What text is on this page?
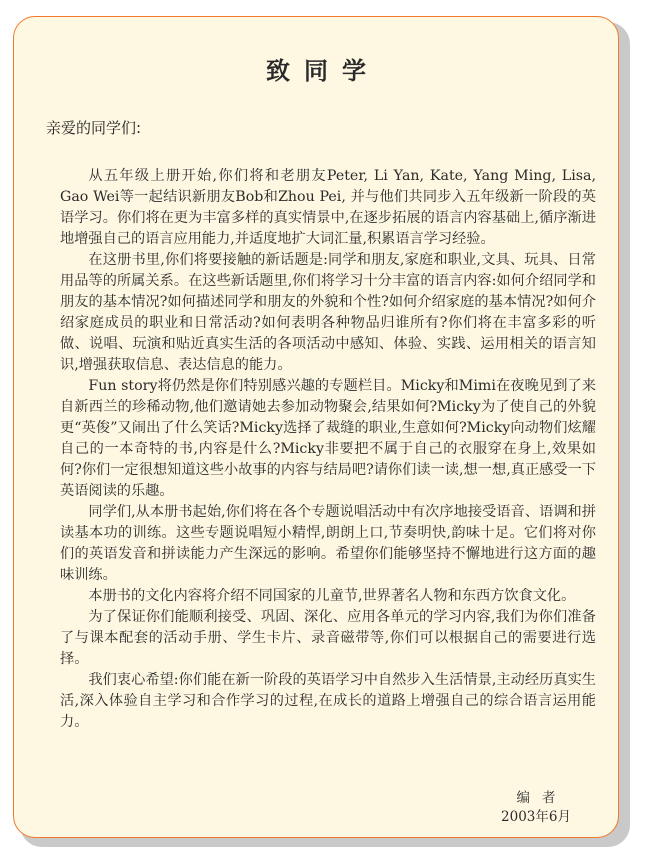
致同学
亲爱的同学们:

从五年级上册开始,你们将和老朋友Peter, Li Yan, Kate, Yang Ming, Lisa, Gao Wei等一起结识新朋友Bob和Zhou Pei, 并与他们共同步入五年级新一阶段的英语学习。你们将在更为丰富多样的真实情景中,在逐步拓展的语言内容基础上,循序渐进地增强自己的语言应用能力,并适度地扩大词汇量,积累语言学习经验。

在这册书里,你们将要接触的新话题是:同学和朋友,家庭和职业,文具、玩具、日常用品等的所属关系。在这些新话题里,你们将学习十分丰富的语言内容:如何介绍同学和朋友的基本情况?如何描述同学和朋友的外貌和个性?如何介绍家庭的基本情况?如何介绍家庭成员的职业和日常活动?如何表明各种物品归谁所有?你们将在丰富多彩的听做、说唱、玩演和贴近真实生活的各项活动中感知、体验、实践、运用相关的语言知识,增强获取信息、表达信息的能力。

Fun story将仍然是你们特别感兴趣的专题栏目。Micky和Mimi在夜晚见到了来自新西兰的珍稀动物,他们邀请她去参加动物聚会,结果如何?Micky为了使自己的外貌更“英俊”又闹出了什么笑话?Micky选择了裁缝的职业,生意如何?Micky向动物们炫耀自己的一本奇特的书,内容是什么?Micky非要把不属于自己的衣服穿在身上,效果如何?你们一定很想知道这些小故事的内容与结局吧?请你们读一读,想一想,真正感受一下英语阅读的乐趣。

同学们,从本册书起始,你们将在各个专题说唱活动中有次序地接受语音、语调和拼读基本功的训练。这些专题说唱短小精悍,朗朗上口,节奏明快,韵味十足。它们将对你们的英语发音和拼读能力产生深远的影响。希望你们能够坚持不懈地进行这方面的趣味训练。

本册书的文化内容将介绍不同国家的儿童节,世界著名人物和东西方饮食文化。

为了保证你们能顺利接受、巩固、深化、应用各单元的学习内容,我们为你们准备了与课本配套的活动手册、学生卡片、录音磁带等,你们可以根据自己的需要进行选择。

我们衷心希望:你们能在新一阶段的英语学习中自然步入生活情景,主动经历真实生活,深入体验自主学习和合作学习的过程,在成长的道路上增强自己的综合语言运用能力。

编者
2003年6月
